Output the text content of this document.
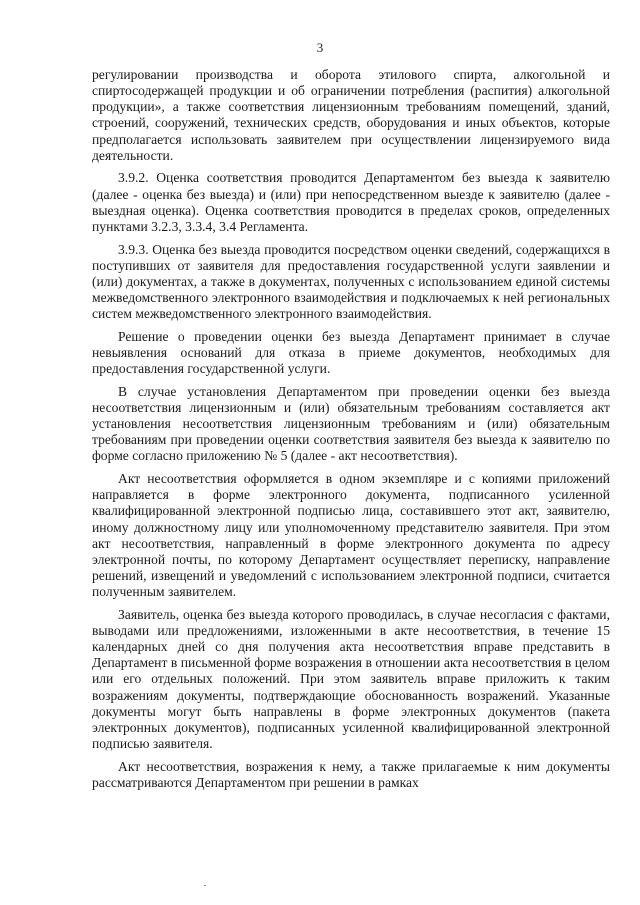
3

регулировании производства и оборота этилового спирта, алкогольной и спиртосодержащей продукции и об ограничении потребления (распития) алкогольной продукции», а также соответствия лицензионным требованиям помещений, зданий, строений, сооружений, технических средств, оборудования и иных объектов, которые предполагается использовать заявителем при осуществлении лицензируемого вида деятельности.

3.9.2. Оценка соответствия проводится Департаментом без выезда к заявителю (далее - оценка без выезда) и (или) при непосредственном выезде к заявителю (далее - выездная оценка). Оценка соответствия проводится в пределах сроков, определенных пунктами 3.2.3, 3.3.4, 3.4 Регламента.

3.9.3. Оценка без выезда проводится посредством оценки сведений, содержащихся в поступивших от заявителя для предоставления государственной услуги заявлении и (или) документах, а также в документах, полученных с использованием единой системы межведомственного электронного взаимодействия и подключаемых к ней региональных систем межведомственного электронного взаимодействия.

Решение о проведении оценки без выезда Департамент принимает в случае невыявления оснований для отказа в приеме документов, необходимых для предоставления государственной услуги.

В случае установления Департаментом при проведении оценки без выезда несоответствия лицензионным и (или) обязательным требованиям составляется акт установления несоответствия лицензионным требованиям и (или) обязательным требованиям при проведении оценки соответствия заявителя без выезда к заявителю по форме согласно приложению № 5 (далее - акт несоответствия).

Акт несоответствия оформляется в одном экземпляре и с копиями приложений направляется в форме электронного документа, подписанного усиленной квалифицированной электронной подписью лица, составившего этот акт, заявителю, иному должностному лицу или уполномоченному представителю заявителя. При этом акт несоответствия, направленный в форме электронного документа по адресу электронной почты, по которому Департамент осуществляет переписку, направление решений, извещений и уведомлений с использованием электронной подписи, считается полученным заявителем.

Заявитель, оценка без выезда которого проводилась, в случае несогласия с фактами, выводами или предложениями, изложенными в акте несоответствия, в течение 15 календарных дней со дня получения акта несоответствия вправе представить в Департамент в письменной форме возражения в отношении акта несоответствия в целом или его отдельных положений. При этом заявитель вправе приложить к таким возражениям документы, подтверждающие обоснованность возражений. Указанные документы могут быть направлены в форме электронных документов (пакета электронных документов), подписанных усиленной квалифицированной электронной подписью заявителя.

Акт несоответствия, возражения к нему, а также прилагаемые к ним документы рассматриваются Департаментом при решении в рамках
